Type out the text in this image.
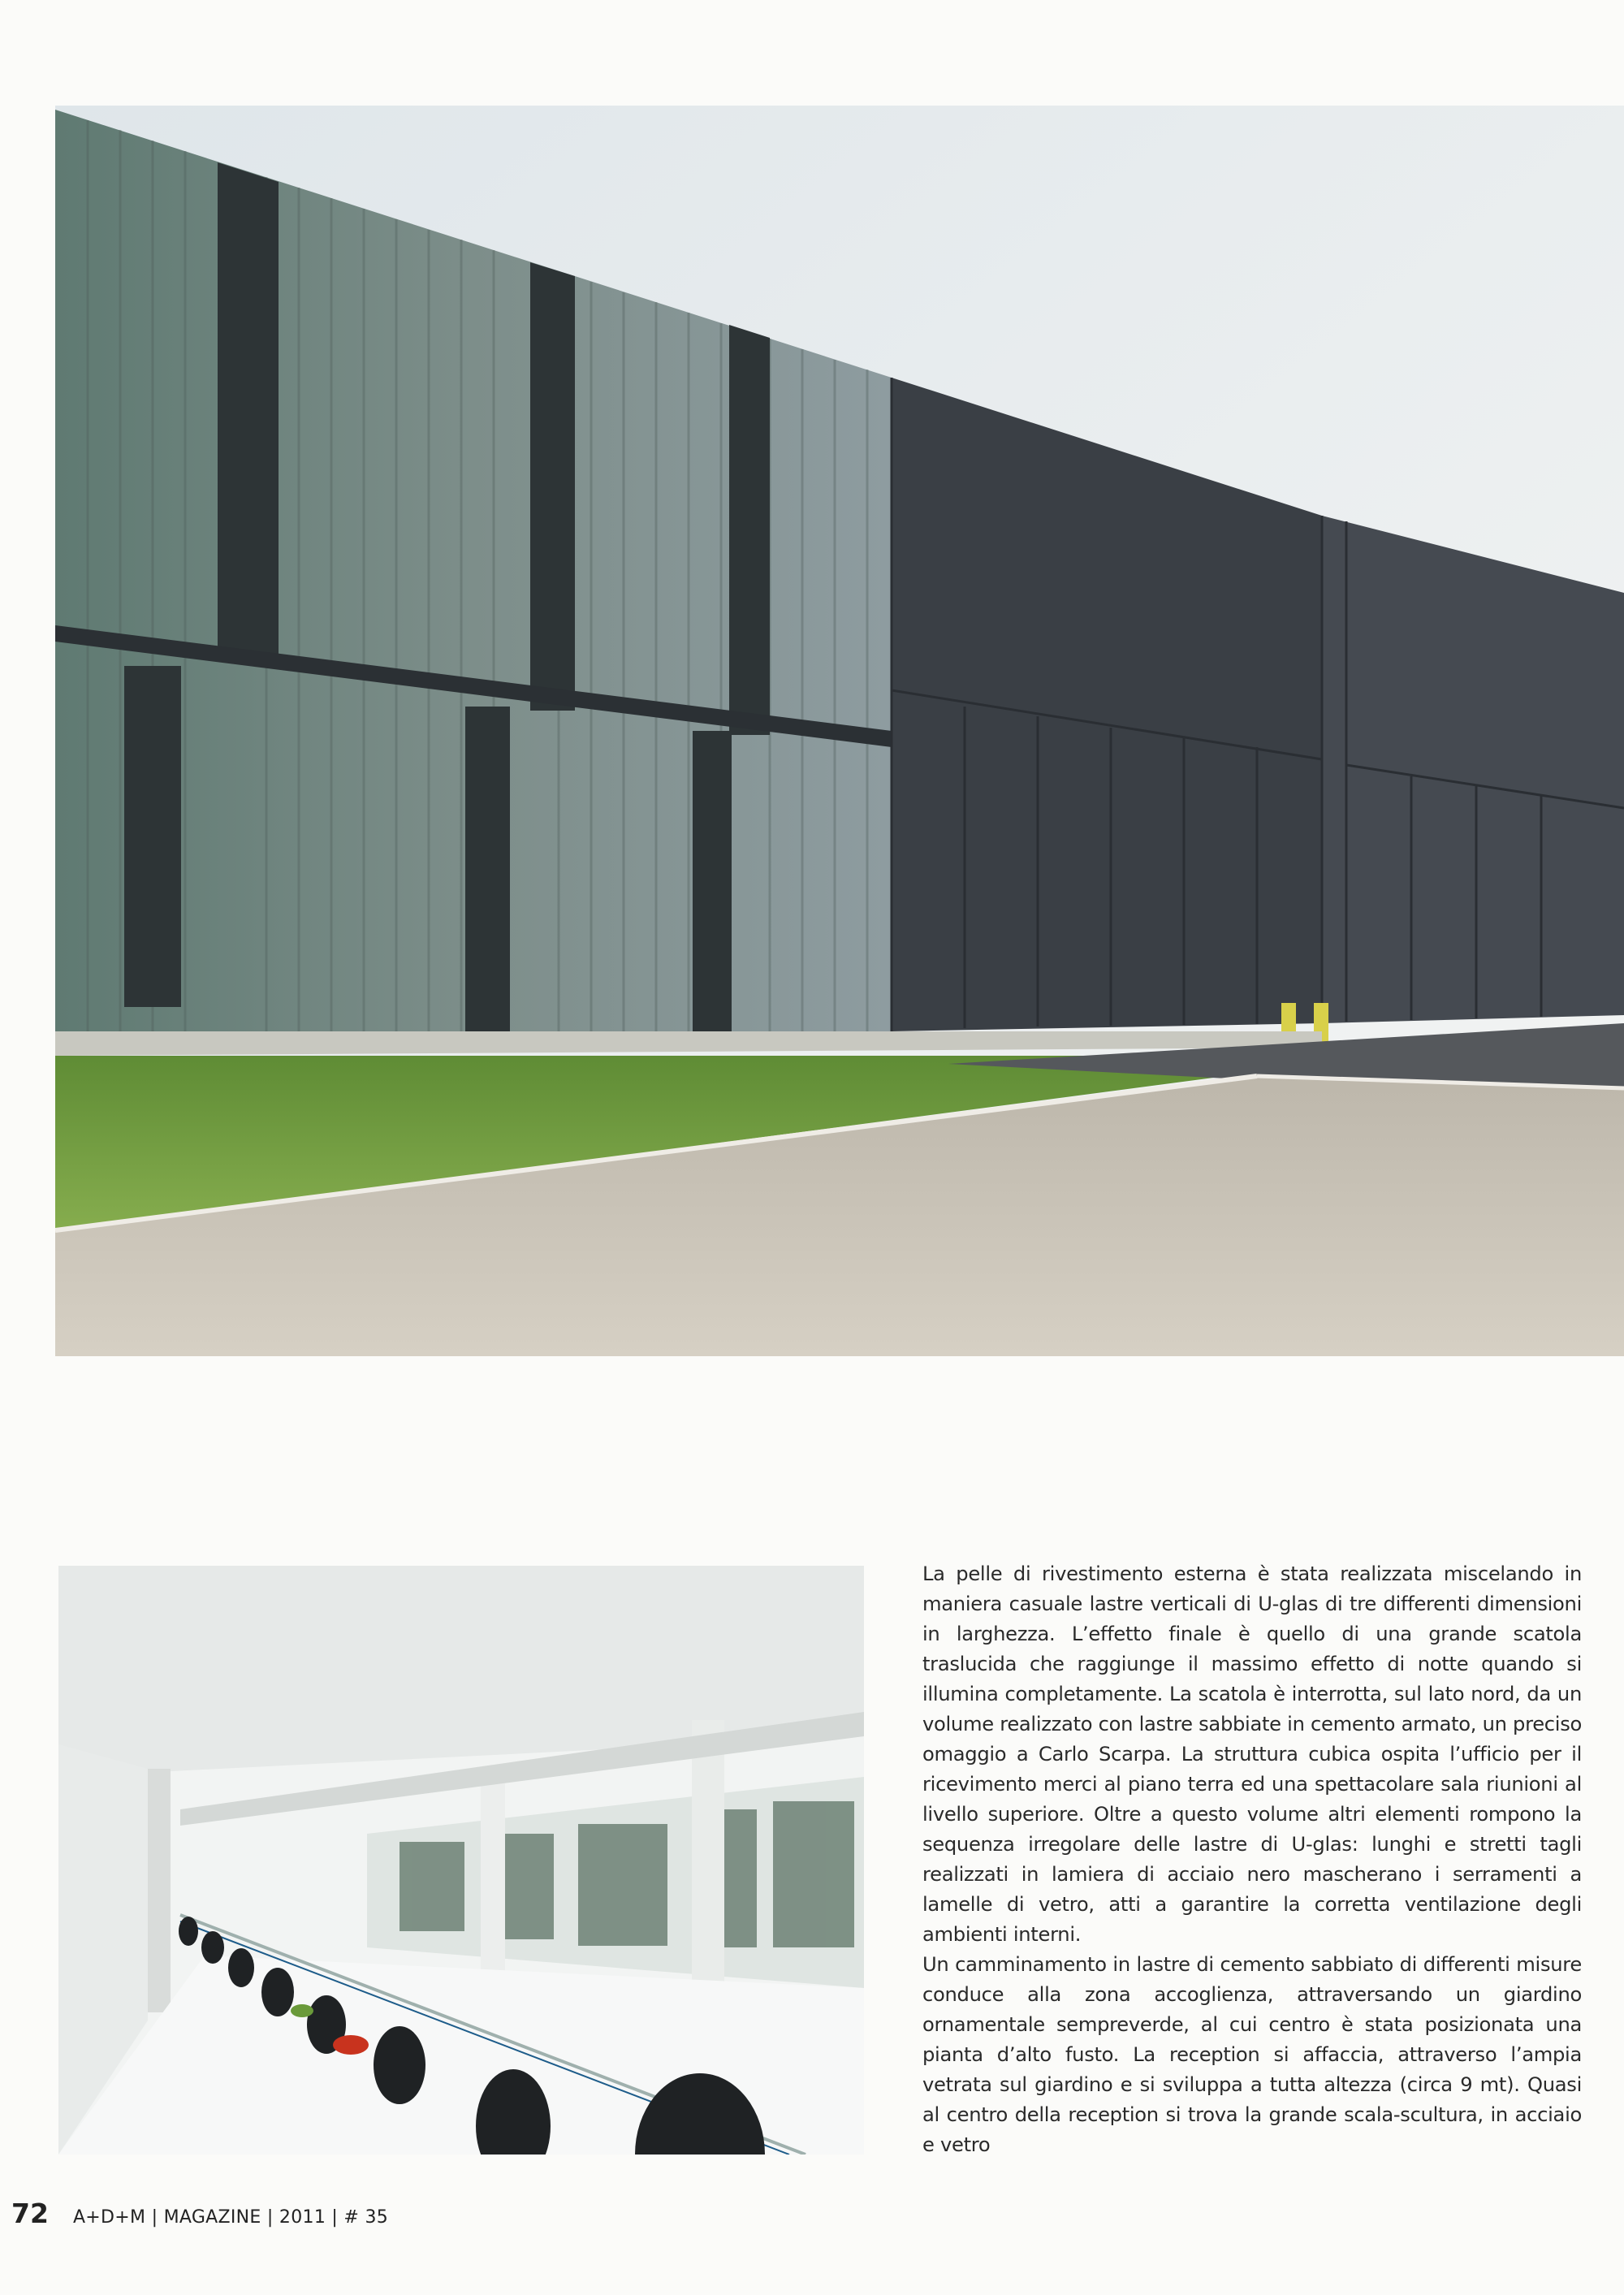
La pelle di rivestimento esterna è stata realizzata miscelando in maniera casuale lastre verticali di U-glas di tre differenti dimensioni in larghezza. L’effetto finale è quello di una grande scatola traslucida che raggiunge il massimo effetto di notte quando si illumina completamente. La scatola è interrotta, sul lato nord, da un volume realizzato con lastre sabbiate in cemento armato, un preciso omaggio a Carlo Scarpa. La struttura cubica ospita l’ufficio per il ricevimento merci al piano terra ed una spettacolare sala riunioni al livello superiore. Oltre a questo volume altri elementi rompono la sequenza irregolare delle lastre di U-glas: lunghi e stretti tagli realizzati in lamiera di acciaio nero mascherano i serramenti a lamelle di vetro, atti a garantire la corretta ventilazione degli ambienti interni.

Un camminamento in lastre di cemento sabbiato di differenti misure conduce alla zona accoglienza, attraversando un giardino ornamentale sempreverde, al cui centro è stata posizionata una pianta d’alto fusto. La reception si affaccia, attraverso l’ampia vetrata sul giardino e si sviluppa a tutta altezza (circa 9 mt). Quasi al centro della reception si trova la grande scala-scultura, in acciaio e vetro

72 A+D+M | MAGAZINE | 2011 | # 35
